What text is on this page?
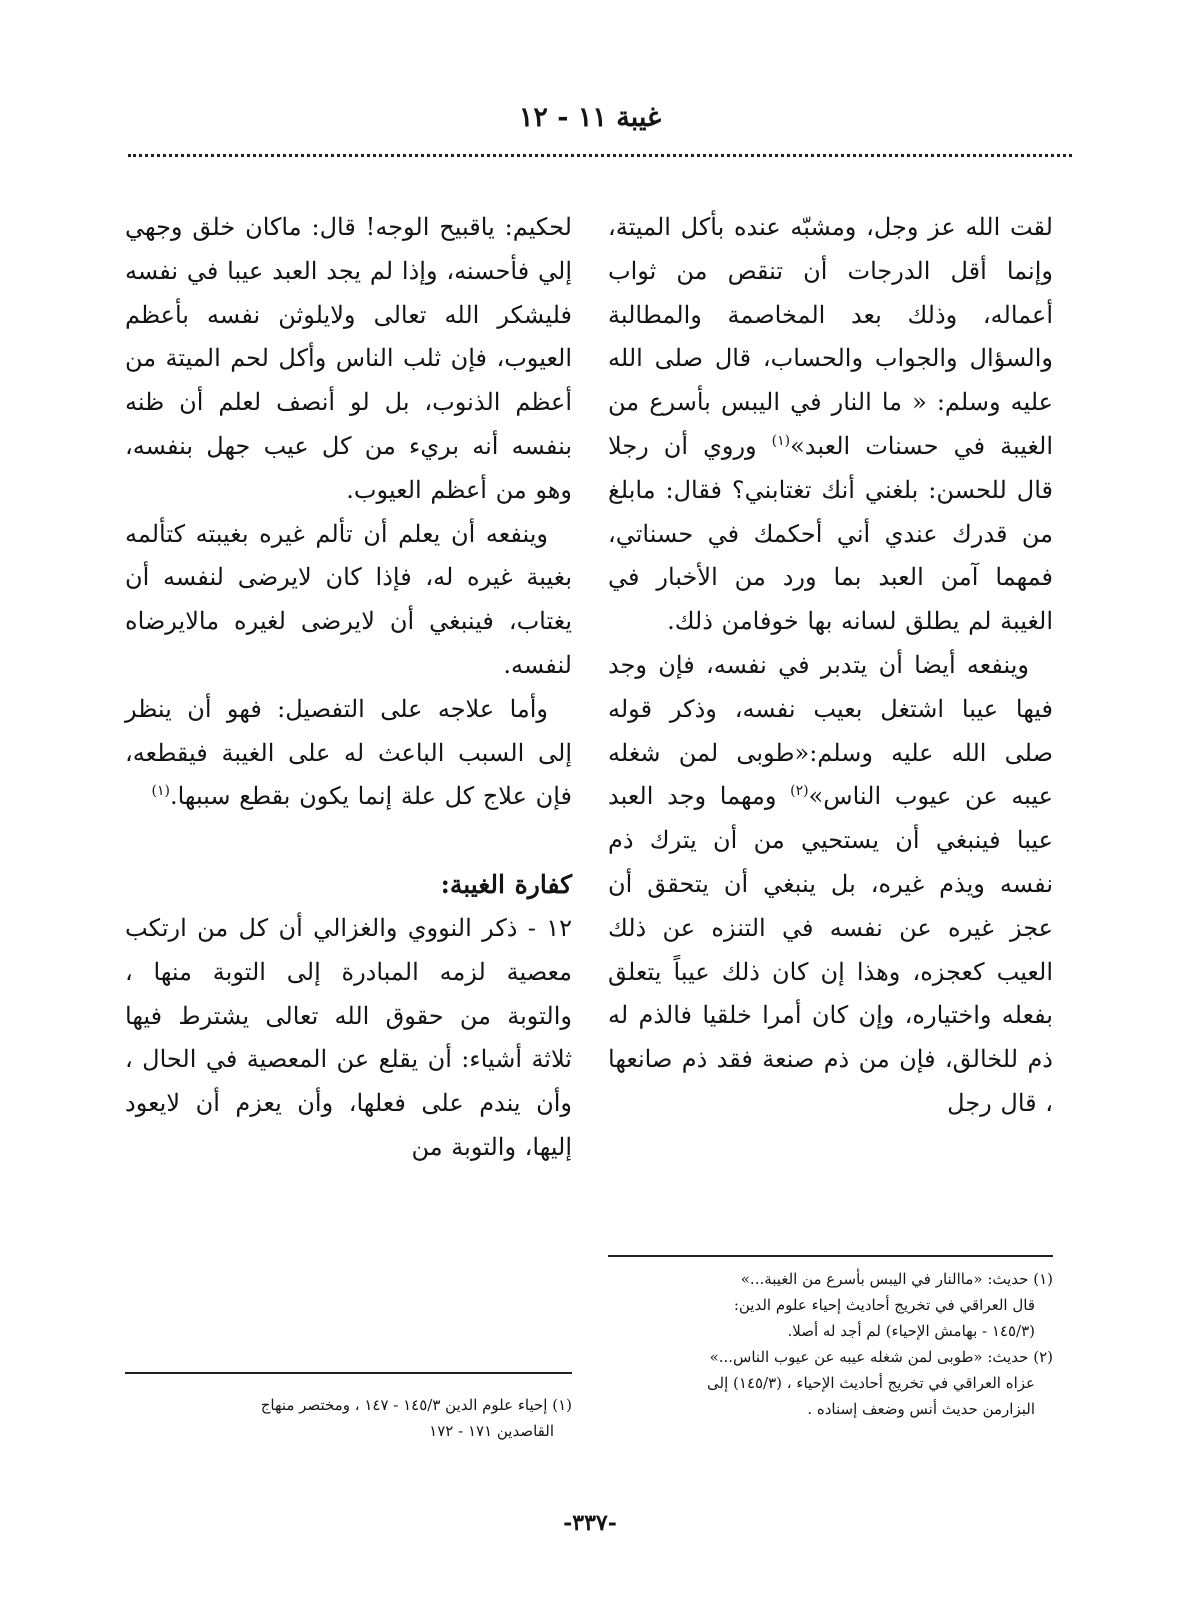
غيبة ١١ - ١٢

لقت الله عز وجل، ومشبّه عنده بأكل الميتة، وإنما أقل الدرجات أن تنقص من ثواب أعماله، وذلك بعد المخاصمة والمطالبة والسؤال والجواب والحساب، قال صلى الله عليه وسلم: « ما النار في اليبس بأسرع من الغيبة في حسنات العبد»$^{(١)}$ وروي أن رجلا قال للحسن: بلغني أنك تغتابني؟ فقال: مابلغ من قدرك عندي أني أحكمك في حسناتي، فمهما آمن العبد بما ورد من الأخبار في الغيبة لم يطلق لسانه بها خوفامن ذلك.

وينفعه أيضا أن يتدبر في نفسه، فإن وجد فيها عيبا اشتغل بعيب نفسه، وذكر قوله صلى الله عليه وسلم:«طوبى لمن شغله عيبه عن عيوب الناس»$^{(٢)}$ ومهما وجد العبد عيبا فينبغي أن يستحيي من أن يترك ذم نفسه ويذم غيره، بل ينبغي أن يتحقق أن عجز غيره عن نفسه في التنزه عن ذلك العيب كعجزه، وهذا إن كان ذلك عيباً يتعلق بفعله واختياره، وإن كان أمرا خلقيا فالذم له ذم للخالق، فإن من ذم صنعة فقد ذم صانعها ، قال رجل

لحكيم: ياقبيح الوجه! قال: ماكان خلق وجهي إلي فأحسنه، وإذا لم يجد العبد عيبا في نفسه فليشكر الله تعالى ولايلوثن نفسه بأعظم العيوب، فإن ثلب الناس وأكل لحم الميتة من أعظم الذنوب، بل لو أنصف لعلم أن ظنه بنفسه أنه بريء من كل عيب جهل بنفسه، وهو من أعظم العيوب.

وينفعه أن يعلم أن تألم غيره بغيبته كتألمه بغيبة غيره له، فإذا كان لايرضى لنفسه أن يغتاب، فينبغي أن لايرضى لغيره مالايرضاه لنفسه.

وأما علاجه على التفصيل: فهو أن ينظر إلى السبب الباعث له على الغيبة فيقطعه، فإن علاج كل علة إنما يكون بقطع سببها.$^{(١)}$

كفارة الغيبة:

١٢ - ذكر النووي والغزالي أن كل من ارتكب معصية لزمه المبادرة إلى التوبة منها ، والتوبة من حقوق الله تعالى يشترط فيها ثلاثة أشياء: أن يقلع عن المعصية في الحال ، وأن يندم على فعلها، وأن يعزم أن لايعود إليها، والتوبة من

(١) حديث: «ماالنار في اليبس بأسرع من الغيبة...»

قال العراقي في تخريج أحاديث إحياء علوم الدين:

(١٤٥/٣ - بهامش الإحياء) لم أجد له أصلا.

(٢) حديث: «طوبى لمن شغله عيبه عن عيوب الناس...»

عزاه العراقي في تخريج أحاديث الإحياء ، (١٤٥/٣) إلى

البزارمن حديث أنس وضعف إسناده .

(١) إحياء علوم الدين ١٤٥/٣ - ١٤٧ ، ومختصر منهاج

القاصدين ١٧١ - ١٧٢

-٣٣٧-
